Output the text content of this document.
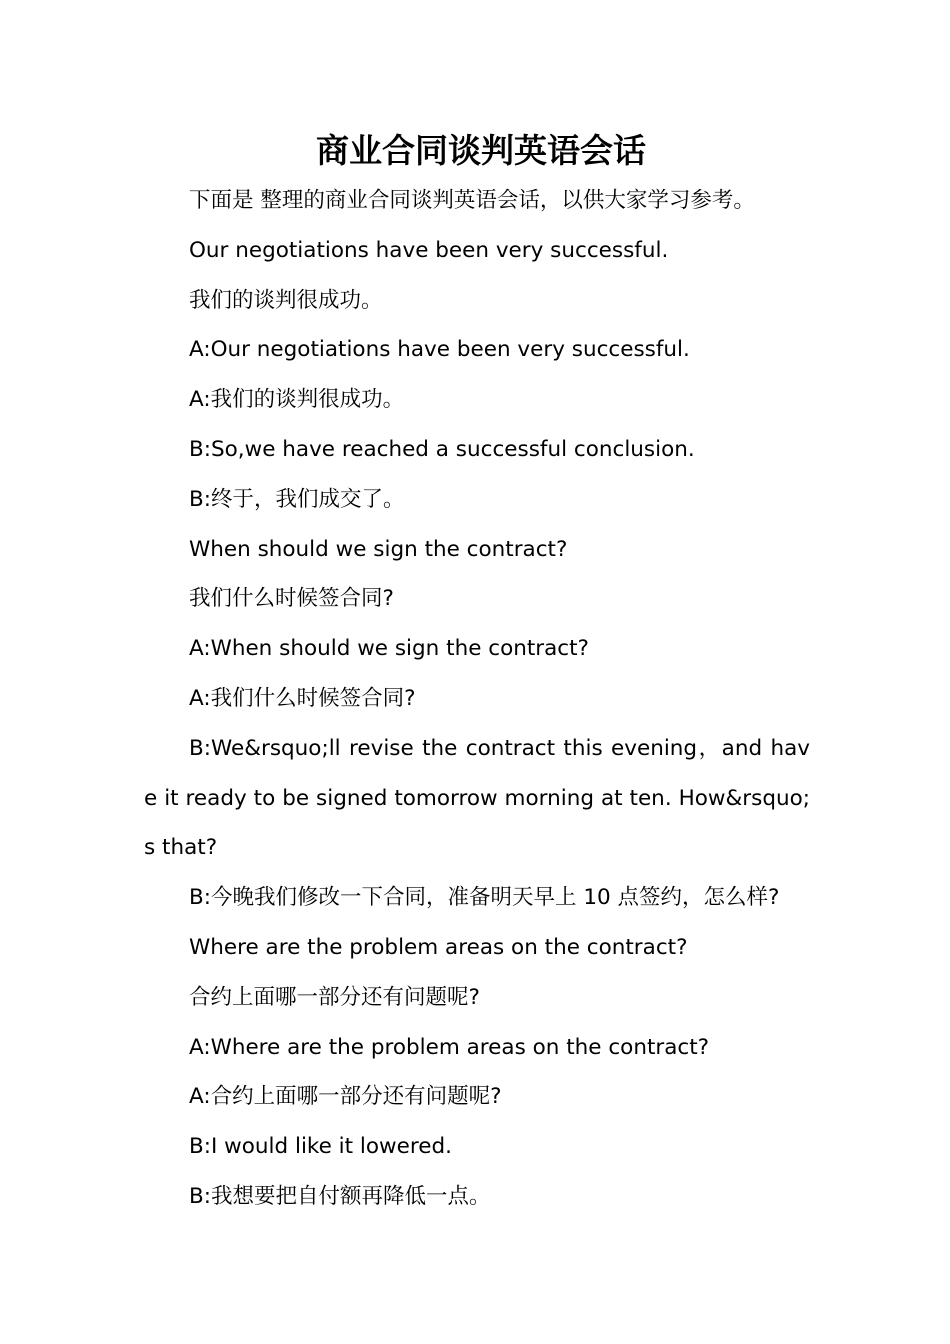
商业合同谈判英语会话

下面是 整理的商业合同谈判英语会话，以供大家学习参考。

Our negotiations have been very successful.

我们的谈判很成功。

A:Our negotiations have been very successful.

A:我们的谈判很成功。

B:So,we have reached a successful conclusion.

B:终于，我们成交了。

When should we sign the contract?

我们什么时候签合同?

A:When should we sign the contract?

A:我们什么时候签合同?

B:We&rsquo;ll revise the contract this evening，and have it ready to be signed tomorrow morning at ten. How&rsquo;s that?

B:今晚我们修改一下合同，准备明天早上 10 点签约，怎么样?

Where are the problem areas on the contract?

合约上面哪一部分还有问题呢?

A:Where are the problem areas on the contract?

A:合约上面哪一部分还有问题呢?

B:I would like it lowered.

B:我想要把自付额再降低一点。
